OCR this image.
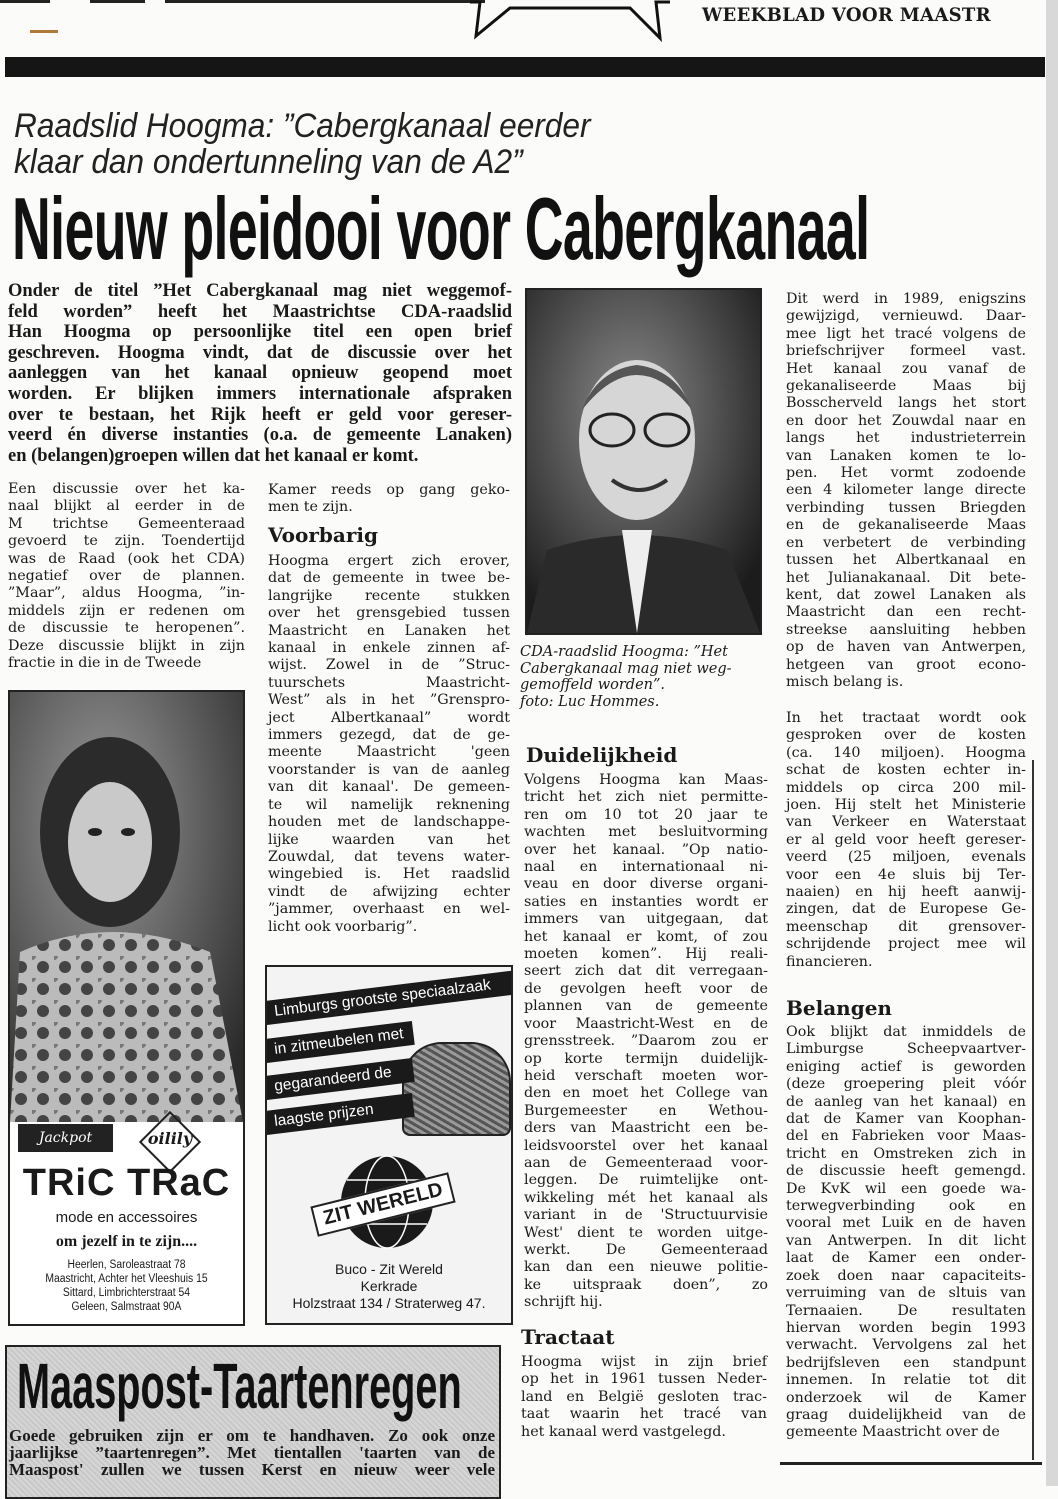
WEEKBLAD VOOR MAASTR
Raadslid Hoogma: ”Cabergkanaal eerder
klaar dan ondertunneling van de A2”
Nieuw pleidooi voor Cabergkanaal
Onder de titel ”Het Cabergkanaal mag niet weggemof-
feld worden” heeft het Maastrichtse CDA-raadslid
Han Hoogma op persoonlijke titel een open brief
geschreven. Hoogma vindt, dat de discussie over het
aanleggen van het kanaal opnieuw geopend moet
worden. Er blijken immers internationale afspraken
over te bestaan, het Rijk heeft er geld voor gereser-
veerd én diverse instanties (o.a. de gemeente Lanaken)
en (belangen)groepen willen dat het kanaal er komt.
Een discussie over het ka-
naal blijkt al eerder in de
M trichtse Gemeenteraad
gevoerd te zijn. Toendertijd
was de Raad (ook het CDA)
negatief over de plannen.
”Maar”, aldus Hoogma, ”in-
middels zijn er redenen om
de discussie te heropenen”.
Deze discussie blijkt in zijn
fractie in die in de Tweede
Kamer reeds op gang geko-
men te zijn.
Voorbarig
Hoogma ergert zich erover,
dat de gemeente in twee be-
langrijke recente stukken
over het grensgebied tussen
Maastricht en Lanaken het
kanaal in enkele zinnen af-
wijst. Zowel in de ”Struc-
tuurschets Maastricht-
West” als in het ”Grenspro-
ject Albertkanaal” wordt
immers gezegd, dat de ge-
meente Maastricht 'geen
voorstander is van de aanleg
van dit kanaal'. De gemeen-
te wil namelijk reknening
houden met de landschappe-
lijke waarden van het
Zouwdal, dat tevens water-
wingebied is. Het raadslid
vindt de afwijzing echter
”jammer, overhaast en wel-
licht ook voorbarig”.
CDA-raadslid Hoogma: ”Het
Cabergkanaal mag niet weg-
gemoffeld worden”.
foto: Luc Hommes.
Duidelijkheid
Volgens Hoogma kan Maas-
tricht het zich niet permitte-
ren om 10 tot 20 jaar te
wachten met besluitvorming
over het kanaal. ”Op natio-
naal en internationaal ni-
veau en door diverse organi-
saties en instanties wordt er
immers van uitgegaan, dat
het kanaal er komt, of zou
moeten komen”. Hij reali-
seert zich dat dit verregaan-
de gevolgen heeft voor de
plannen van de gemeente
voor Maastricht-West en de
grensstreek. ”Daarom zou er
op korte termijn duidelijk-
heid verschaft moeten wor-
den en moet het College van
Burgemeester en Wethou-
ders van Maastricht een be-
leidsvoorstel over het kanaal
aan de Gemeenteraad voor-
leggen. De ruimtelijke ont-
wikkeling mét het kanaal als
variant in de 'Structuurvisie
West' dient te worden uitge-
werkt. De Gemeenteraad
kan dan een nieuwe politie-
ke uitspraak doen”, zo
schrijft hij.
Tractaat
Hoogma wijst in zijn brief
op het in 1961 tussen Neder-
land en België gesloten trac-
taat waarin het tracé van
het kanaal werd vastgelegd.
Dit werd in 1989, enigszins
gewijzigd, vernieuwd. Daar-
mee ligt het tracé volgens de
briefschrijver formeel vast.
Het kanaal zou vanaf de
gekanaliseerde Maas bij
Bosscherveld langs het stort
en door het Zouwdal naar en
langs het industrieterrein
van Lanaken komen te lo-
pen. Het vormt zodoende
een 4 kilometer lange directe
verbinding tussen Briegden
en de gekanaliseerde Maas
en verbetert de verbinding
tussen het Albertkanaal en
het Julianakanaal. Dit bete-
kent, dat zowel Lanaken als
Maastricht dan een recht-
streekse aansluiting hebben
op de haven van Antwerpen,
hetgeen van groot econo-
misch belang is.
In het tractaat wordt ook
gesproken over de kosten
(ca. 140 miljoen). Hoogma
schat de kosten echter in-
middels op circa 200 mil-
joen. Hij stelt het Ministerie
van Verkeer en Waterstaat
er al geld voor heeft gereser-
veerd (25 miljoen, evenals
voor een 4e sluis bij Ter-
naaien) en hij heeft aanwij-
zingen, dat de Europese Ge-
meenschap dit grensover-
schrijdende project mee wil
financieren.
Belangen
Ook blijkt dat inmiddels de
Limburgse Scheepvaartver-
eniging actief is geworden
(deze groepering pleit vóór
de aanleg van het kanaal) en
dat de Kamer van Koophan-
del en Fabrieken voor Maas-
tricht en Omstreken zich in
de discussie heeft gemengd.
De KvK wil een goede wa-
terwegverbinding ook en
vooral met Luik en de haven
van Antwerpen. In dit licht
laat de Kamer een onder-
zoek doen naar capaciteits-
verruiming van de sltuis van
Ternaaien. De resultaten
hiervan worden begin 1993
verwacht. Vervolgens zal het
bedrijfsleven een standpunt
innemen. In relatie tot dit
onderzoek wil de Kamer
graag duidelijkheid van de
gemeente Maastricht over de
Jackpot	oilily
TRiC TRaC
mode en accessoires
om jezelf in te zijn....
Heerlen, Saroleastraat 78
Maastricht, Achter het Vleeshuis 15
Sittard, Limbrichterstraat 54
Geleen, Salmstraat 90A
Limburgs grootste speciaalzaak
in zitmeubelen met
gegarandeerd de
laagste prijzen
ZIT WERELD
Buco - Zit Wereld
Kerkrade
Holzstraat 134 / Straterweg 47.
Maaspost-Taartenregen
Goede gebruiken zijn er om te handhaven. Zo ook onze
jaarlijkse ”taartenregen”. Met tientallen 'taarten van de
Maaspost' zullen we tussen Kerst en nieuw weer vele
